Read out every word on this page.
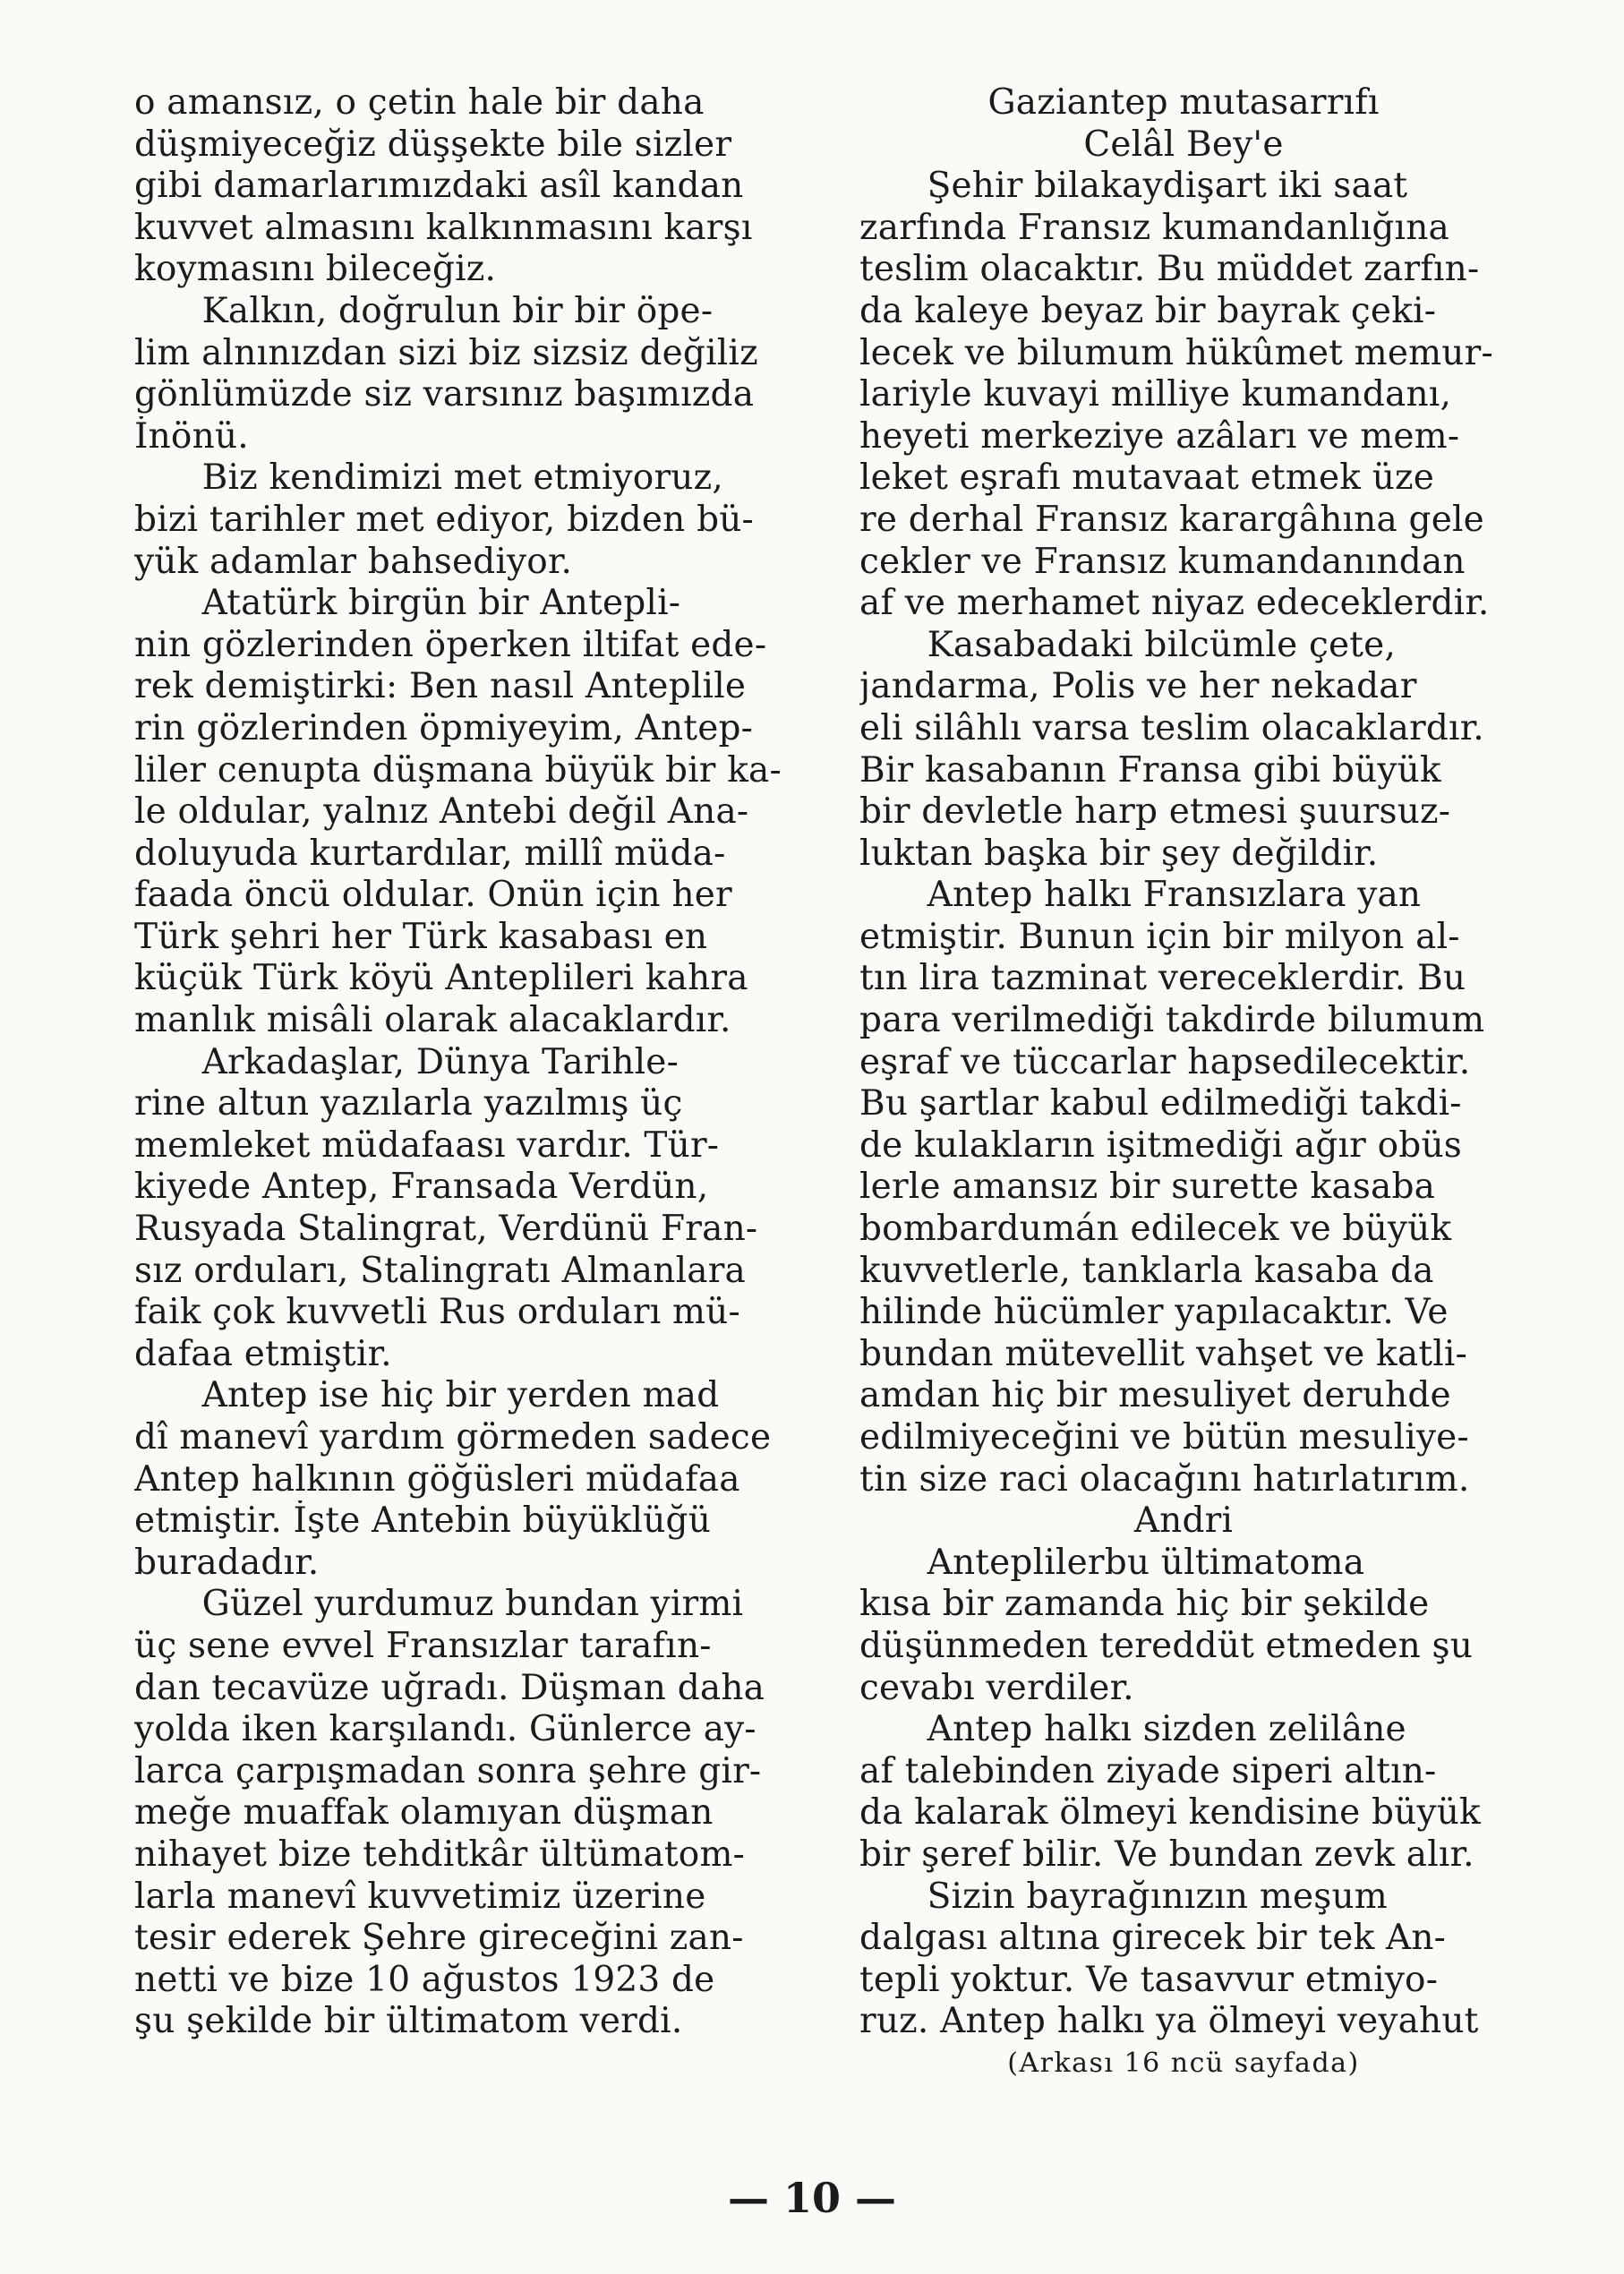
o amansız, o çetin hale bir daha
düşmiyeceğiz düşşekte bile sizler
gibi damarlarımızdaki asîl kandan
kuvvet almasını kalkınmasını karşı
koymasını bileceğiz.
Kalkın, doğrulun bir bir öpe-
lim alnınızdan sizi biz sizsiz değiliz
gönlümüzde siz varsınız başımızda
İnönü.
Biz kendimizi met etmiyoruz,
bizi tarihler met ediyor, bizden bü-
yük adamlar bahsediyor.
Atatürk birgün bir Antepli-
nin gözlerinden öperken iltifat ede-
rek demiştirki: Ben nasıl Anteplile
rin gözlerinden öpmiyeyim, Antep-
liler cenupta düşmana büyük bir ka-
le oldular, yalnız Antebi değil Ana-
doluyuda kurtardılar, millî müda-
faada öncü oldular. Onün için her
Türk şehri her Türk kasabası en
küçük Türk köyü Anteplileri kahra
manlık misâli olarak alacaklardır.
Arkadaşlar, Dünya Tarihle-
rine altun yazılarla yazılmış üç
memleket müdafaası vardır. Tür-
kiyede Antep, Fransada Verdün,
Rusyada Stalingrat, Verdünü Fran-
sız orduları, Stalingratı Almanlara
faik çok kuvvetli Rus orduları mü-
dafaa etmiştir.
Antep ise hiç bir yerden mad
dî manevî yardım görmeden sadece
Antep halkının göğüsleri müdafaa
etmiştir. İşte Antebin büyüklüğü
buradadır.
Güzel yurdumuz bundan yirmi
üç sene evvel Fransızlar tarafın-
dan tecavüze uğradı. Düşman daha
yolda iken karşılandı. Günlerce ay-
larca çarpışmadan sonra şehre gir-
meğe muaffak olamıyan düşman
nihayet bize tehditkâr ültümatom-
larla manevî kuvvetimiz üzerine
tesir ederek Şehre gireceğini zan-
netti ve bize 10 ağustos 1923 de
şu şekilde bir ültimatom verdi.
Gaziantep mutasarrıfı
Celâl Bey'e
Şehir bilakaydişart iki saat
zarfında Fransız kumandanlığına
teslim olacaktır. Bu müddet zarfın-
da kaleye beyaz bir bayrak çeki-
lecek ve bilumum hükûmet memur-
lariyle kuvayi milliye kumandanı,
heyeti merkeziye azâları ve mem-
leket eşrafı mutavaat etmek üze
re derhal Fransız karargâhına gele
cekler ve Fransız kumandanından
af ve merhamet niyaz edeceklerdir.
Kasabadaki bilcümle çete,
jandarma, Polis ve her nekadar
eli silâhlı varsa teslim olacaklardır.
Bir kasabanın Fransa gibi büyük
bir devletle harp etmesi şuursuz-
luktan başka bir şey değildir.
Antep halkı Fransızlara yan
etmiştir. Bunun için bir milyon al-
tın lira tazminat vereceklerdir. Bu
para verilmediği takdirde bilumum
eşraf ve tüccarlar hapsedilecektir.
Bu şartlar kabul edilmediği takdi-
de kulakların işitmediği ağır obüs
lerle amansız bir surette kasaba
bombardumán edilecek ve büyük
kuvvetlerle, tanklarla kasaba da
hilinde hücümler yapılacaktır. Ve
bundan mütevellit vahşet ve katli-
amdan hiç bir mesuliyet deruhde
edilmiyeceğini ve bütün mesuliye-
tin size raci olacağını hatırlatırım.
Andri
Anteplilerbu ültimatoma
kısa bir zamanda hiç bir şekilde
düşünmeden tereddüt etmeden şu
cevabı verdiler.
Antep halkı sizden zelilâne
af talebinden ziyade siperi altın-
da kalarak ölmeyi kendisine büyük
bir şeref bilir. Ve bundan zevk alır.
Sizin bayrağınızın meşum
dalgası altına girecek bir tek An-
tepli yoktur. Ve tasavvur etmiyo-
ruz. Antep halkı ya ölmeyi veyahut
(Arkası 16 ncü sayfada)
— 10 —
